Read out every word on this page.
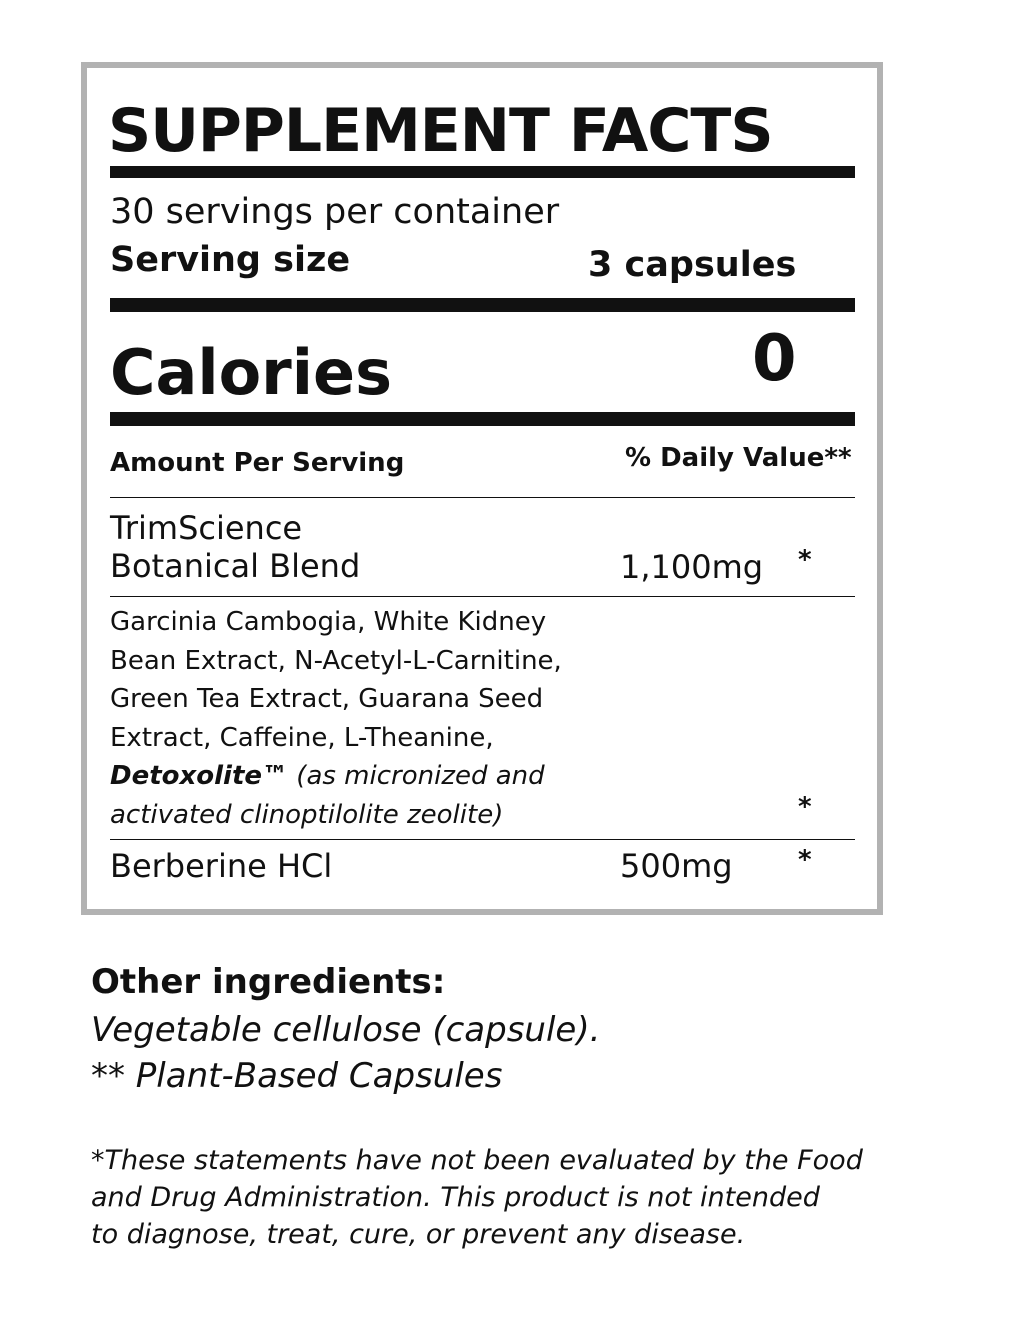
SUPPLEMENT FACTS
30 servings per container
Serving size	3 capsules
Calories	0
Amount Per Serving	% Daily Value**
TrimScience
Botanical Blend	1,100mg *
Garcinia Cambogia, White Kidney
Bean Extract, N-Acetyl-L-Carnitine,
Green Tea Extract, Guarana Seed
Extract, Caffeine, L-Theanine,
Detoxolite™ (as micronized and
activated clinoptilolite zeolite)	*
Berberine HCl	500mg	*
Other ingredients:
Vegetable cellulose (capsule).
** Plant-Based Capsules
*These statements have not been evaluated by the Food
and Drug Administration. This product is not intended
to diagnose, treat, cure, or prevent any disease.
